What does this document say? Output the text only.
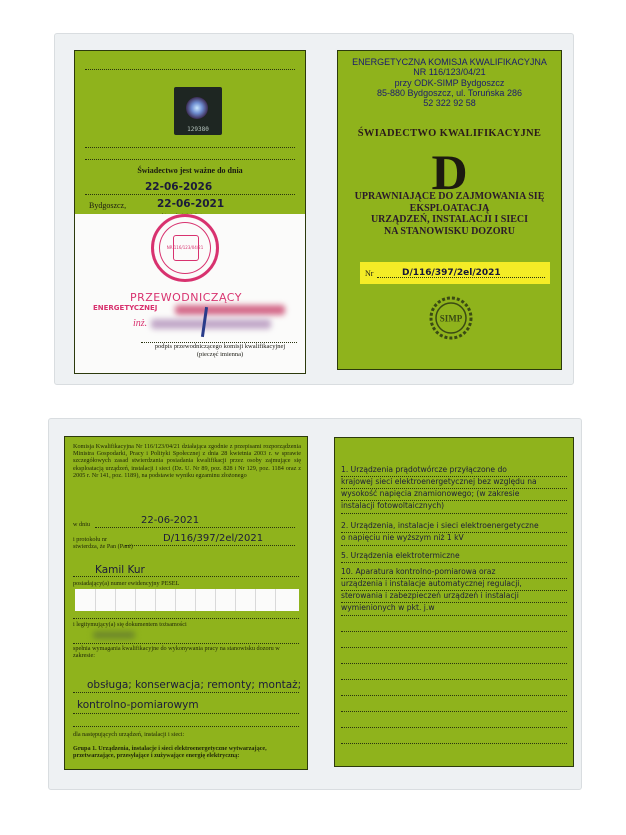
129380
Świadectwo jest ważne do dnia
22-06-2026
Bydgoszcz,	22-06-2021
NR 116/123/04/21
PRZEWODNICZĄCY
ENERGETYCZNEJ
inż.
podpis przewodniczącego komisji kwalifikacyjnej
(pieczęć imienna)
ENERGETYCZNA KOMISJA KWALIFIKACYJNA
NR 116/123/04/21
przy ODK-SIMP Bydgoszcz
85-880 Bydgoszcz, ul. Toruńska 286
52 322 92 58
ŚWIADECTWO KWALIFIKACYJNE
D
UPRAWNIAJĄCE DO ZAJMOWANIA SIĘ
EKSPLOATACJĄ
URZĄDZEŃ, INSTALACJI I SIECI
NA STANOWISKU DOZORU
Nr	D/116/397/2el/2021
SIMP
Komisja Kwalifikacyjna Nr 116/123/04/21 działająca zgodnie z przepisami rozporządzenia Ministra Gospodarki, Pracy i Polityki Społecznej z dnia 28 kwietnia 2003 r. w sprawie szczegółowych zasad stwierdzania posiadania kwalifikacji przez osoby zajmujące się eksploatacją urządzeń, instalacji i sieci (Dz. U. Nr 89, poz. 828 i Nr 129, poz. 1184 oraz z 2005 r. Nr 141, poz. 1189), na podstawie wyniku egzaminu złożonego
w dniu	22-06-2021
i protokołu nr
stwierdza, że Pan (Pani)
D/116/397/2el/2021
Kamil Kur
posiadający(a) numer ewidencyjny PESEL
i legitymujący(a) się dokumentem tożsamości
spełnia wymagania kwalifikacyjne do wykonywania pracy na stanowisku dozoru w zakresie:
obsługa; konserwacja; remonty; montaż;
kontrolno-pomiarowym
dla następujących urządzeń, instalacji i sieci:
Grupa 1. Urządzenia, instalacje i sieci elektroenergetyczne wytwarzające, przetwarzające, przesyłające i zużywające energię elektryczną:
1. Urządzenia prądotwórcze przyłączone do
krajowej sieci elektroenergetycznej bez względu na
wysokość napięcia znamionowego; (w zakresie
instalacji fotowoltaicznych)
2. Urządzenia, instalacje i sieci elektroenergetyczne
o napięciu nie wyższym niż 1 kV
5. Urządzenia elektrotermiczne
10. Aparatura kontrolno-pomiarowa oraz
urządzenia i instalacje automatycznej regulacji,
sterowania i zabezpieczeń urządzeń i instalacji
wymienionych w pkt. j.w
